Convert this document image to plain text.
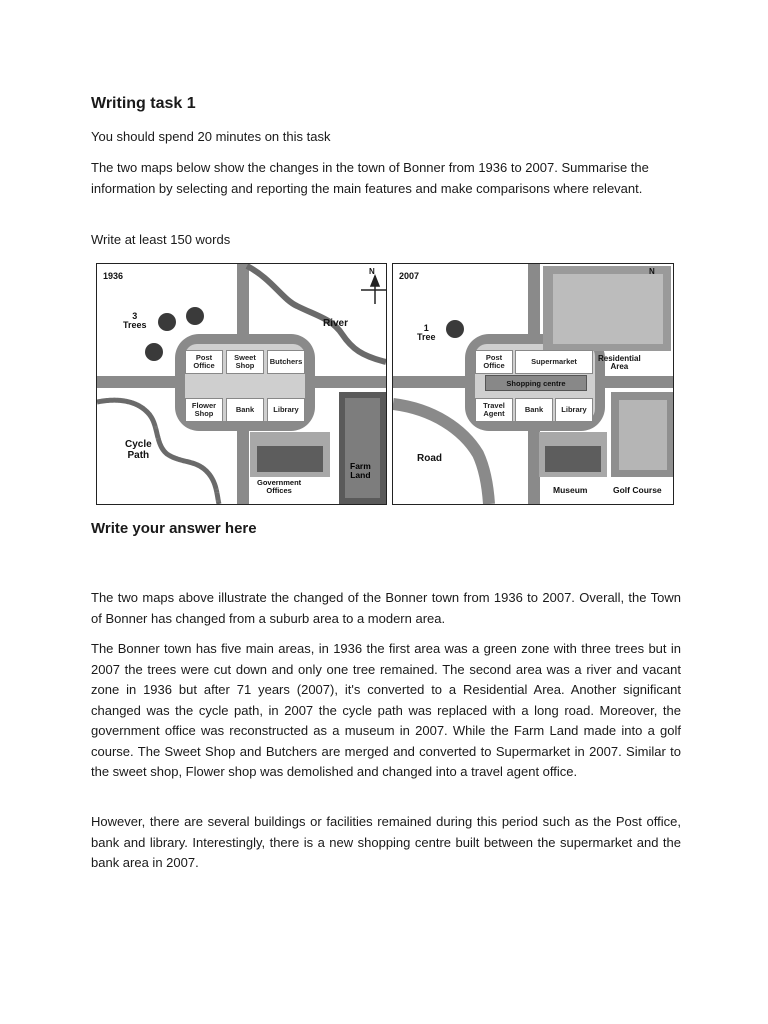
Writing task 1
You should spend 20 minutes on this task
The two maps below show the changes in the town of Bonner from 1936 to 2007. Summarise the information by selecting and reporting the main features and make comparisons where relevant.
Write at least 150 words
1936	N
3
Trees	River
Post
Office
Sweet
Shop	Butchers
Flower
Shop	Bank	Library
Cycle
Path
Government
Offices
Farm
Land
2007	N
1
Tree
Post
Office	Supermarket	Residential
Area
Shopping centre
Travel
Agent	Bank	Library
Road
Museum	Golf Course
Write your answer here
The two maps above illustrate the changed of the Bonner town from 1936 to 2007. Overall, the Town of Bonner has changed from a suburb area to a modern area.
The Bonner town has five main areas, in 1936 the first area was a green zone with three trees but in 2007 the trees were cut down and only one tree remained. The second area was a river and vacant zone in 1936 but after 71 years (2007), it's converted to a Residential Area. Another significant changed was the cycle path, in 2007 the cycle path was replaced with a long road. Moreover, the government office was reconstructed as a museum in 2007. While the Farm Land made into a golf course. The Sweet Shop and Butchers are merged and converted to Supermarket in 2007. Similar to the sweet shop, Flower shop was demolished and changed into a travel agent office.
However, there are several buildings or facilities remained during this period such as the Post office, bank and library. Interestingly, there is a new shopping centre built between the supermarket and the bank area in 2007.
